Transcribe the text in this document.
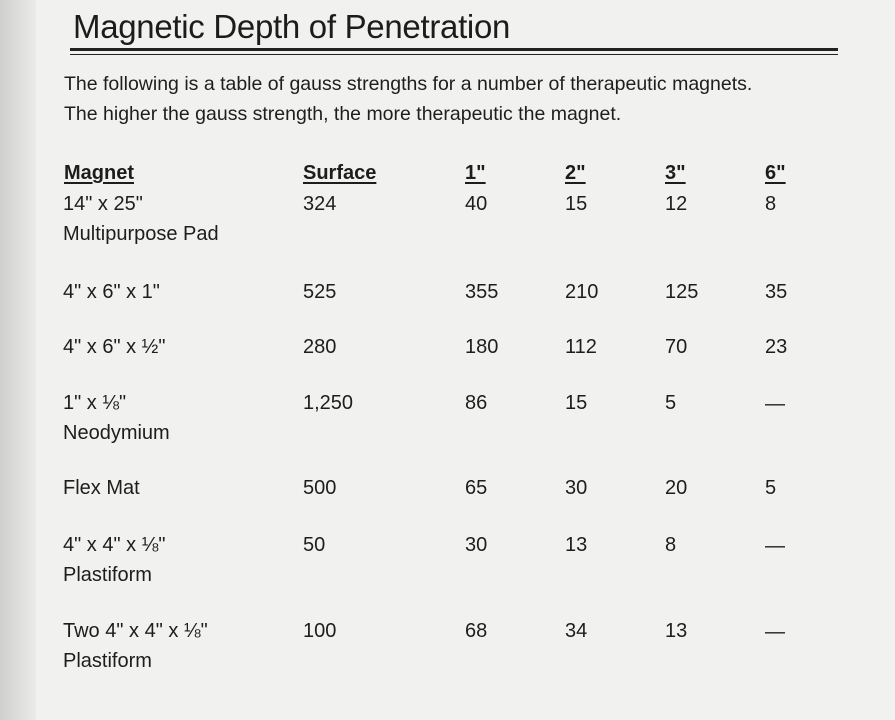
Magnetic Depth of Penetration
The following is a table of gauss strengths for a number of therapeutic magnets.
The higher the gauss strength, the more therapeutic the magnet.
Magnet	Surface	1"	2"	3"	6"
14" x 25"
Multipurpose Pad
324	40	15	12	8
4" x 6" x 1"	525	355	210	125	35
4" x 6" x ½"	280	180	112	70	23
1" x ⅛"
Neodymium
1,250	86	15	5	—
Flex Mat	500	65	30	20	5
4" x 4" x ⅛"
Plastiform
50	30	13	8	—
Two 4" x 4" x ⅛"
Plastiform
100	68	34	13	—
